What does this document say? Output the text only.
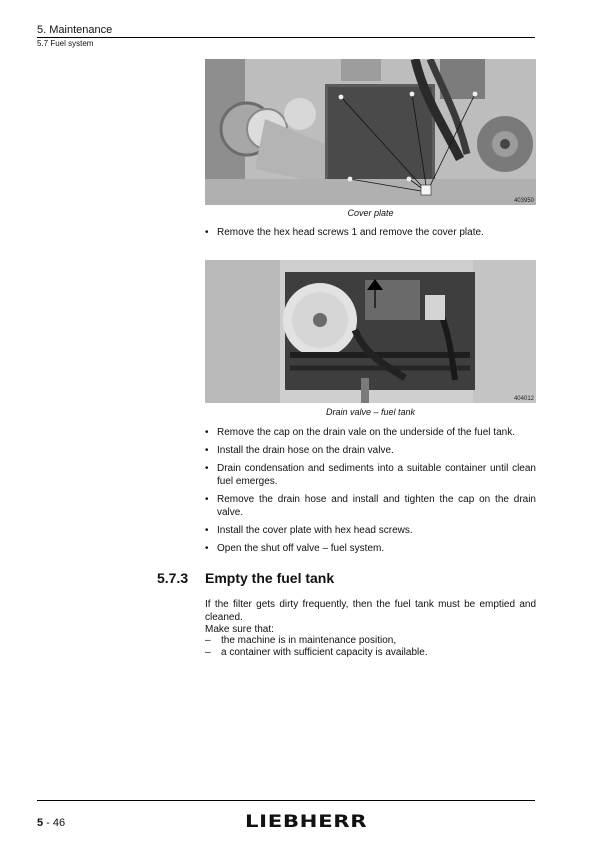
5. Maintenance
5.7 Fuel system
403950
Cover plate
• Remove the hex head screws 1 and remove the cover plate.
404012
Drain valve – fuel tank
• Remove the cap on the drain vale on the underside of the fuel tank.
• Install the drain hose on the drain valve.
• Drain condensation and sediments into a suitable container until clean fuel emerges.
• Remove the drain hose and install and tighten the cap on the drain valve.
• Install the cover plate with hex head screws.
• Open the shut off valve – fuel system.
5.7.3 Empty the fuel tank
If the filter gets dirty frequently, then the fuel tank must be emptied and cleaned.
Make sure that:
– the machine is in maintenance position,
– a container with sufficient capacity is available.
5 - 46	LIEBHERR
